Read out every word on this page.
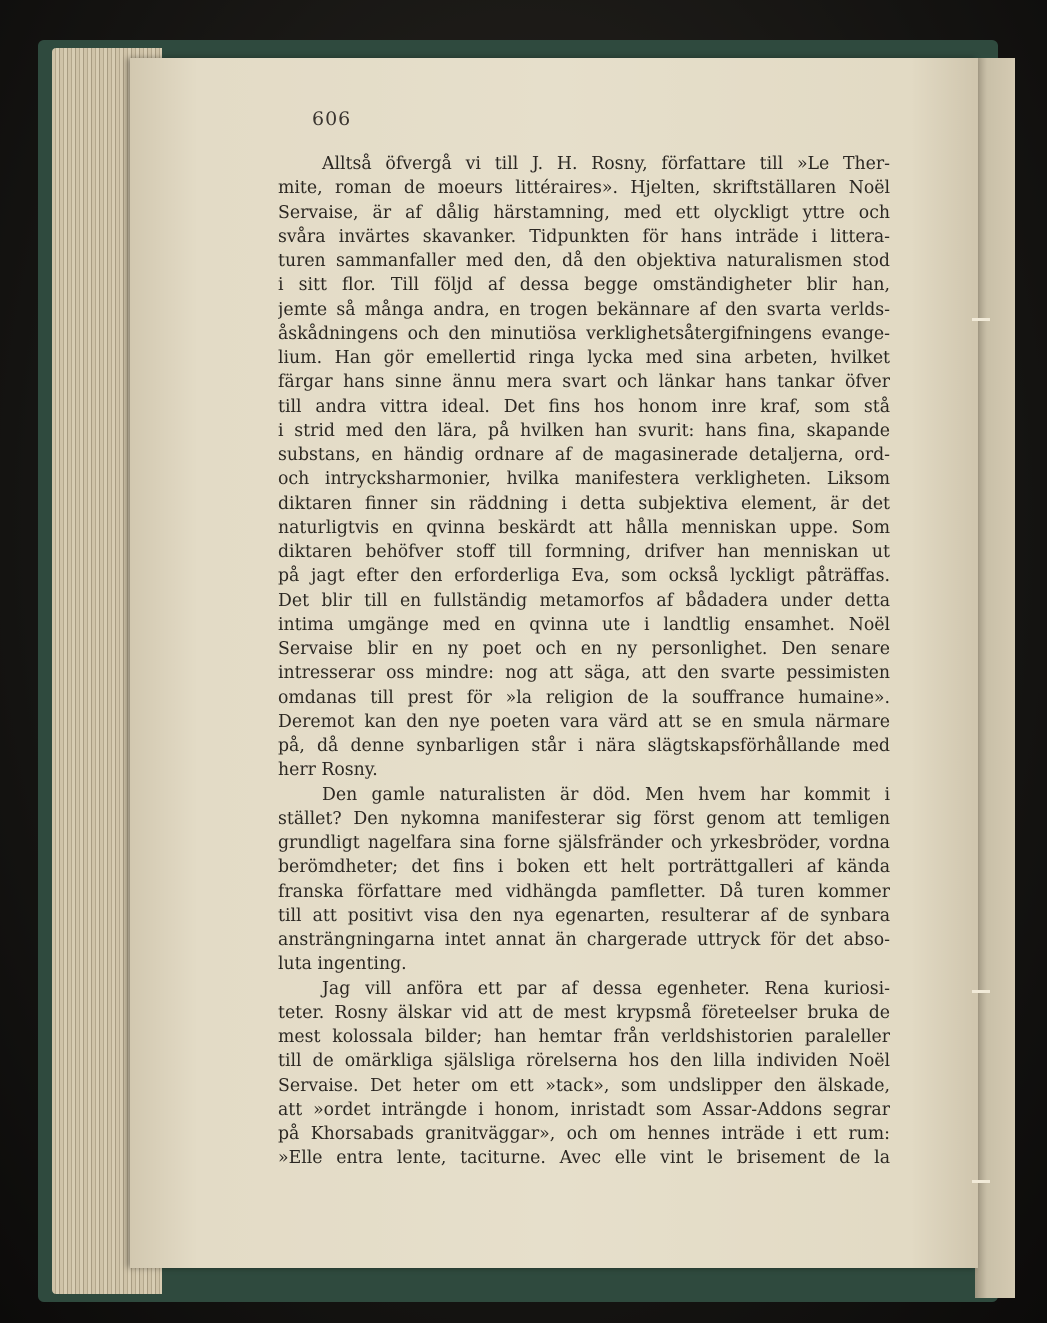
606
Alltså öfvergå vi till J. H. Rosny, författare till »Le Ther-
mite, roman de moeurs littéraires». Hjelten, skriftställaren Noël
Servaise, är af dålig härstamning, med ett olyckligt yttre och
svåra invärtes skavanker. Tidpunkten för hans inträde i littera-
turen sammanfaller med den, då den objektiva naturalismen stod
i sitt flor. Till följd af dessa begge omständigheter blir han,
jemte så många andra, en trogen bekännare af den svarta verlds-
åskådningens och den minutiösa verklighetsåtergifningens evange-
lium. Han gör emellertid ringa lycka med sina arbeten, hvilket
färgar hans sinne ännu mera svart och länkar hans tankar öfver
till andra vittra ideal. Det fins hos honom inre kraf, som stå
i strid med den lära, på hvilken han svurit: hans fina, skapande
substans, en händig ordnare af de magasinerade detaljerna, ord-
och intrycksharmonier, hvilka manifestera verkligheten. Liksom
diktaren finner sin räddning i detta subjektiva element, är det
naturligtvis en qvinna beskärdt att hålla menniskan uppe. Som
diktaren behöfver stoff till formning, drifver han menniskan ut
på jagt efter den erforderliga Eva, som också lyckligt påträffas.
Det blir till en fullständig metamorfos af bådadera under detta
intima umgänge med en qvinna ute i landtlig ensamhet. Noël
Servaise blir en ny poet och en ny personlighet. Den senare
intresserar oss mindre: nog att säga, att den svarte pessimisten
omdanas till prest för »la religion de la souffrance humaine».
Deremot kan den nye poeten vara värd att se en smula närmare
på, då denne synbarligen står i nära slägtskapsförhållande med
herr Rosny.
Den gamle naturalisten är död. Men hvem har kommit i
stället? Den nykomna manifesterar sig först genom att temligen
grundligt nagelfara sina forne själsfränder och yrkesbröder, vordna
berömdheter; det fins i boken ett helt porträttgalleri af kända
franska författare med vidhängda pamfletter. Då turen kommer
till att positivt visa den nya egenarten, resulterar af de synbara
ansträngningarna intet annat än chargerade uttryck för det abso-
luta ingenting.
Jag vill anföra ett par af dessa egenheter. Rena kuriosi-
teter. Rosny älskar vid att de mest krypsmå företeelser bruka de
mest kolossala bilder; han hemtar från verldshistorien paraleller
till de omärkliga själsliga rörelserna hos den lilla individen Noël
Servaise. Det heter om ett »tack», som undslipper den älskade,
att »ordet inträngde i honom, inristadt som Assar-Addons segrar
på Khorsabads granitväggar», och om hennes inträde i ett rum:
»Elle entra lente, taciturne. Avec elle vint le brisement de la
